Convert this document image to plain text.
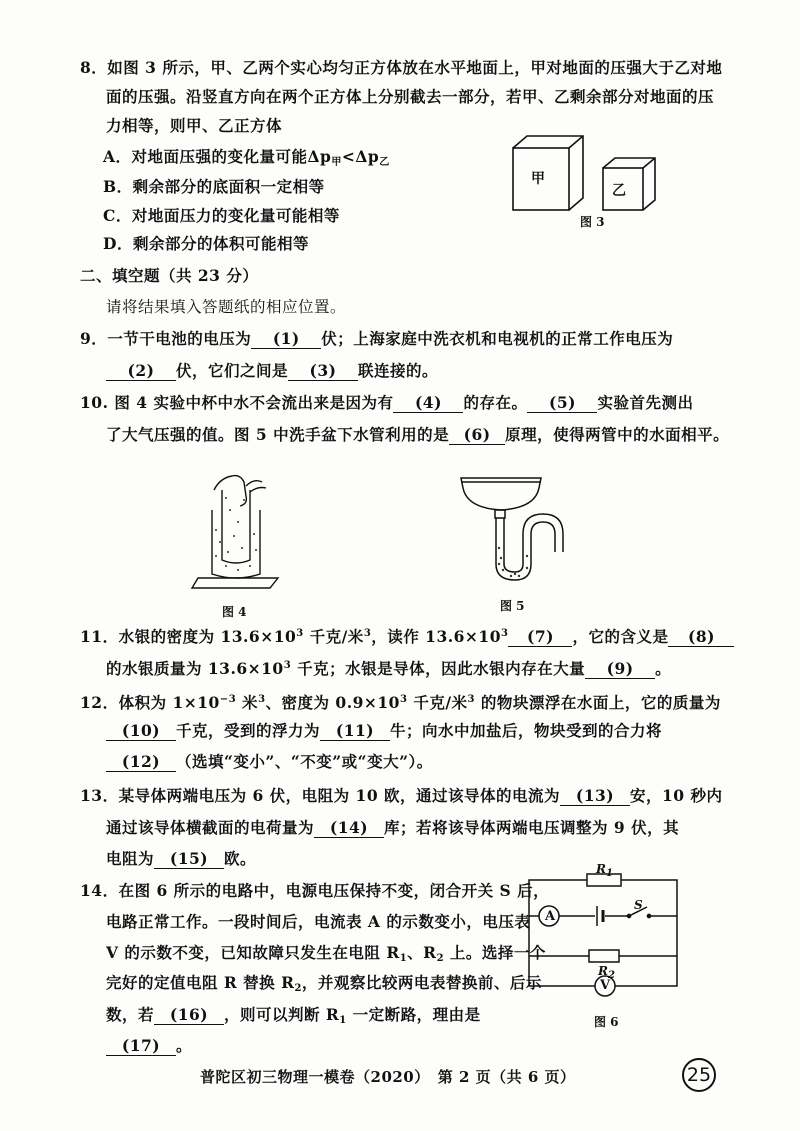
8．如图 3 所示，甲、乙两个实心均匀正方体放在水平地面上，甲对地面的压强大于乙对地
面的压强。沿竖直方向在两个正方体上分别截去一部分，若甲、乙剩余部分对地面的压
力相等，则甲、乙正方体
A．对地面压强的变化量可能$\Delta p_甲<\Delta p_乙$
B．剩余部分的底面积一定相等
C．对地面压力的变化量可能相等
D．剩余部分的体积可能相等
甲
乙
图 3
二、填空题（共 23 分）
请将结果填入答题纸的相应位置。
9．一节干电池的电压为 (1) 伏；上海家庭中洗衣机和电视机的正常工作电压为
(2) 伏，它们之间是 (3) 联连接的。
10. 图 4 实验中杯中水不会流出来是因为有 (4) 的存在。 (5) 实验首先测出
了大气压强的值。图 5 中洗手盆下水管利用的是 (6) 原理，使得两管中的水面相平。
图 4	图 5
11．水银的密度为 $13.6\times 10^3$ 千克/米$^3$，读作 $13.6\times 10^3$ (7) ，它的含义是 (8)
的水银质量为 $13.6\times 10^3$ 千克；水银是导体，因此水银内存在大量 (9) 。
12．体积为 $1\times 10^{-3}$ 米$^3$、密度为 $0.9\times 10^3$ 千克/米$^3$ 的物块漂浮在水面上，它的质量为
(10) 千克，受到的浮力为 (11) 牛；向水中加盐后，物块受到的合力将
(12) （选填“变小”、“不变”或“变大”）。
13．某导体两端电压为 6 伏，电阻为 10 欧，通过该导体的电流为 (13) 安，10 秒内
通过该导体横截面的电荷量为 (14) 库；若将该导体两端电压调整为 9 伏，其
电阻为 (15) 欧。
14．在图 6 所示的电路中，电源电压保持不变，闭合开关 S 后，
电路正常工作。一段时间后，电流表 A 的示数变小，电压表
V 的示数不变，已知故障只发生在电阻 $R_1$、$R_2$ 上。选择一个
完好的定值电阻 R 替换 $R_2$，并观察比较两电表替换前、后示
数，若 (16) ，则可以判断 $R_1$ 一定断路，理由是
(17) 。
A
V
S
$R_1$
$R_2$
图 6
普陀区初三物理一模卷（2020）　第 2 页（共 6 页）	25
